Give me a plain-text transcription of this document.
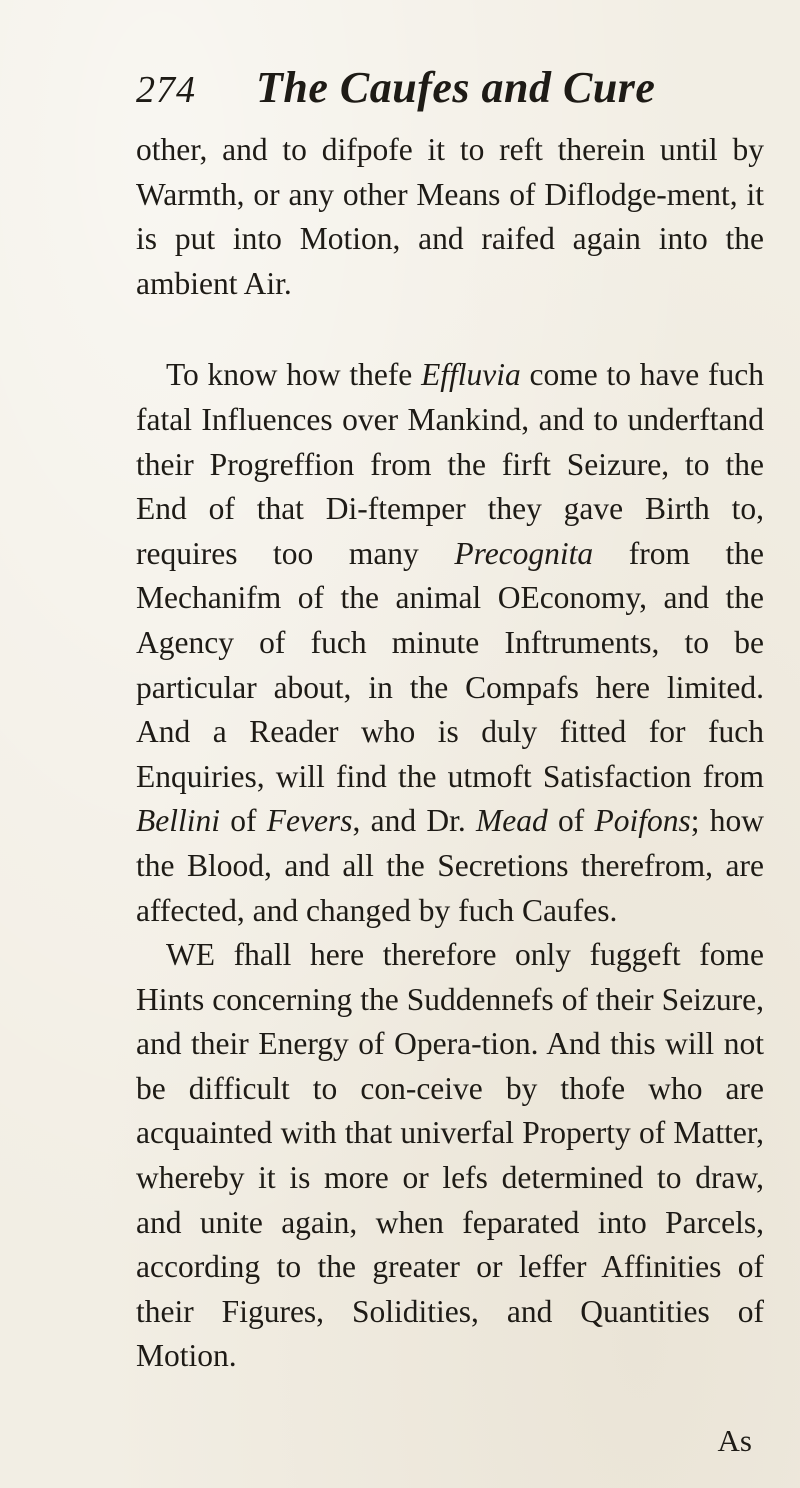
274 The Caufes and Cure

other, and to difpofe it to reft therein until by Warmth, or any other Means of Diflodge-ment, it is put into Motion, and raifed again into the ambient Air.

To know how thefe Effluvia come to have fuch fatal Influences over Mankind, and to underftand their Progreffion from the firft Seizure, to the End of that Di-ftemper they gave Birth to, requires too many Precognita from the Mechanifm of the animal OEconomy, and the Agency of fuch minute Inftruments, to be particular about, in the Compafs here limited. And a Reader who is duly fitted for fuch Enquiries, will find the utmoft Satisfaction from Bellini of Fevers, and Dr. Mead of Poifons; how the Blood, and all the Secretions therefrom, are affected, and changed by fuch Caufes.

WE fhall here therefore only fuggeft fome Hints concerning the Suddennefs of their Seizure, and their Energy of Opera-tion. And this will not be difficult to con-ceive by thofe who are acquainted with that univerfal Property of Matter, whereby it is more or lefs determined to draw, and unite again, when feparated into Parcels, according to the greater or leffer Affinities of their Figures, Solidities, and Quantities of Motion.

As
